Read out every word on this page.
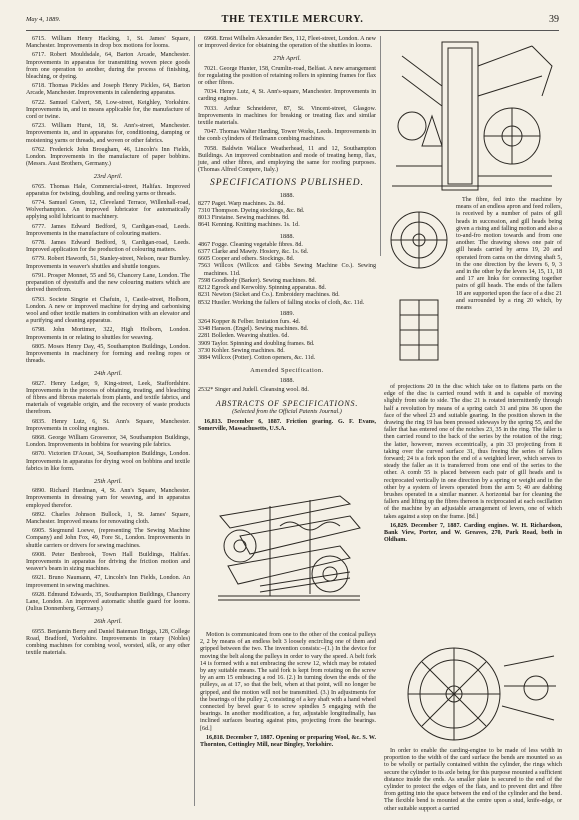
May 4, 1889.	THE TEXTILE MERCURY.	39

6715. William Henry Hacking, 1, St. James' Square, Manchester. Improvements in drop box motions for looms.

6717. Robert Mouldsdale, 64, Barton Arcade, Manchester. Improvements in apparatus for transmitting woven piece goods from one operation to another, during the process of finishing, bleaching, or dyeing.

6718. Thomas Pickles and Joseph Henry Pickles, 64, Barton Arcade, Manchester. Improvements in calendering apparatus.

6722. Samuel Calvert, 58, Low-street, Keighley, Yorkshire. Improvements in, and in means applicable for, the manufacture of cord or twine.

6723. William Hurst, 18, St. Ann's-street, Manchester. Improvements in, and in apparatus for, conditioning, damping or moistening yarns or threads, and woven or other fabrics.

6762. Frederick John Brougham, 46, Lincoln's Inn Fields, London. Improvements in the manufacture of paper bobbins. (Messrs. Aust Brothers, Germany.)

23rd April.

6765. Thomas Hale, Commercial-street, Halifax. Improved apparatus for twisting, doubling, and reeling yarns or threads.

6774. Samuel Green, 12, Cleveland Terrace, Willenhall-road, Wolverhampton. An improved lubricator for automatically applying solid lubricant to machinery.

6777. James Edward Bedford, 9, Cardigan-road, Leeds. Improvements in the manufacture of colouring matters.

6778. James Edward Bedford, 9, Cardigan-road, Leeds. Improved application for the production of colouring matters.

6779. Robert Haworth, 51, Stanley-street, Nelson, near Burnley. Improvements in weaver's shuttles and shuttle tongues.

6791. Prosper Monnet, 55 and 56, Chancery Lane, London. The preparation of dyestuffs and the new colouring matters which are derived therefrom.

6793. Societe Singrie et Chafuin, 1, Castle-street, Holborn, London. A new or improved machine for drying and carbonising wool and other textile matters in combination with an elevator and a purifying and cleaning apparatus.

6798. John Mortimer, 322, High Holborn, London. Improvements in or relating to shuttles for weaving.

6805. Moses Henry Day, 45, Southampton Buildings, London. Improvements in machinery for forming and reeling ropes or threads.

24th April.

6827. Henry Ledger, 9, King-street, Leek, Staffordshire. Improvements in the process of obtaining, treating, and bleaching of fibres and fibrous materials from plants, and textile fabrics, and materials of vegetable origin, and the recovery of waste products therefrom.

6835. Henry Lutz, 6, St. Ann's Square, Manchester. Improvements in cooling engines.

6868. George William Grosvenor, 34, Southampton Buildings, London. Improvements in bobbins for weaving pile fabrics.

6870. Victorien D'Aoust, 34, Southampton Buildings, London. Improvements in apparatus for drying wool on bobbins and textile fabrics in like form.

25th April.

6890. Richard Hardman, 4, St. Ann's Square, Manchester. Improvements in dressing yarn for weaving, and in apparatus employed therefor.

6892. Charles Johnson Bullock, 1, St. James' Square, Manchester. Improved means for renovating cloth.

6905. Siegmund Loewe, (representing The Sewing Machine Company) and John Fox, 49, Fore St., London. Improvements in shuttle carriers or drivers for sewing machines.

6908. Peter Benbrook, Town Hall Buildings, Halifax. Improvements in apparatus for driving the friction motion and weaver's beam in sizing machines.

6921. Bruno Naumann, 47, Lincoln's Inn Fields, London. An improvement in sewing machines.

6928. Edmund Edwards, 35, Southampton Buildings, Chancery Lane, London. An improved automatic shuttle guard for looms. (Julius Donnenberg, Germany.)

26th April.

6955. Benjamin Berry and Daniel Bateman Briggs, 128, College Road, Bradford, Yorkshire. Improvements in rotary (Nobles) combing machines for combing wool, worsted, silk, or any other textile materials.

6968. Ernst Wilhelm Alexander Bex, 112, Fleet-street, London. A new or improved device for obtaining the operation of the shuttles in looms.

27th April.

7021. George Hunter, 158, Crumlin-road, Belfast. A new arrangement for regulating the position of retaining rollers in spinning frames for flax or other fibres.

7034. Henry Lutz, 4, St. Ann's-square, Manchester. Improvements in carding engines.

7033. Arthur Schneiderer, 87, St. Vincent-street, Glasgow. Improvements in machines for breaking or treating flax and similar textile materials.

7047. Thomas Walter Harding, Tower Works, Leeds. Improvements in the comb cylinders of Heilmann combing machines.

7058. Baldwin Wallace Weatherhead, 11 and 12, Southampton Buildings. An improved combination and mode of treating hemp, flax, jute, and other fibres, and employing the same for roofing purposes. (Thomas Alfred Compere, Italy.)

SPECIFICATIONS PUBLISHED.
1888.

8277 Paget. Warp machines. 2s. 8d.

7310 Thompson. Dyeing stockings, &c. 8d.

8013 Firstaine. Sewing machines. 8d.

8641 Kenning. Knitting machines. 1s. 1d.

1888.

4867 Fogge. Cleaning vegetable fibres. 8d.

6377 Clarke and Mawty. Hosiery, &c. 1s. 6d.

6605 Cooper and others. Stockings. 8d.

7563 Willcox (Willcox and Gibbs Sewing Machine Co.). Sewing machines. 11d.

7598 Goodbody (Barker). Sewing machines. 8d.

8212 Egrock and Kerwoltiy. Spinning apparatus. 8d.

8231 Newton (Sicket and Co.). Embroidery machines. 8d.

8532 Hustler. Working the fallers of falling stocks of cloth, &c. 11d.

1889.

3264 Kopper & Felber. Imitation furs. 4d.

3348 Hanson. (Engel). Sewing machines. 8d.

2281 Bolleden. Weaving shuttles. 6d.

3909 Taylor. Spinning and doubling frames. 8d.

3730 Kohler. Sewing machines. 8d.

3884 Willcox (Potter). Cotton openers, &c. 11d.

Amended Specification.
1888.

2532* Singer and Judell. Cleansing wool. 8d.

ABSTRACTS OF SPECIFICATIONS.
(Selected from the Official Patents Journal.)

16,813. December 6, 1887. Friction gearing. G. F. Evans, Somerville, Massachusetts, U.S.A.

Motion is communicated from one to the other of the conical pulleys 2, 2 by means of an endless belt 3 loosely encircling one of them and gripped between the two. The invention consists:--(1.) In the device for moving the belt along the pulleys in order to vary the speed. A belt fork 14 is formed with a nut embracing the screw 12, which may be rotated by any suitable means. The said fork is kept from rotating on the screw by an arm 15 embracing a rod 16. (2.) In turning down the ends of the pulleys, as at 17, so that the belt, when at that point, will no longer be gripped, and the motion will not be transmitted. (3.) In adjustments for the bearings of the pulley 2, consisting of a key shaft with a hand wheel connected by bevel gear 6 to screw spindles 5 engaging with the bearings. In another modification, a fur, adjustable longitudinally, has inclined surfaces bearing against pins, projecting from the bearings. [6d.]

16,818. December 7, 1887. Opening or preparing Wool, &c. S. W. Thornton, Cottingley Mill, near Bingley, Yorkshire.

The fibre, fed into the machine by means of an endless apron and feed rollers, is received by a number of pairs of gill heads in succession, and gill heads being given a rising and falling motion and also a to-and-fro motion towards and from one another. The drawing shows one pair of gill heads carried by arms 19, 20 and operated from cams on the driving shaft 5, in the one direction by the levers 6, 9, 3 and in the other by the levers 14, 15, 11, 18 and 17 are links for connecting together pairs of gill heads. The ends of the fallers 18 are supported upon the face of a disc 21 and surrounded by a ring 20 which, by means

of projections 20 in the disc which take on to flattens parts on the edge of the disc is carried round with it and is capable of moving slightly from side to side. The disc 21 is rotated intermittently through half a revolution by means of a spring catch 31 and pins 36 upon the face of the wheel 23 and suitable gearing. In the position shown in the drawing the ring 19 has been pressed sideways by the spring 55, and the faller that has entered one of the notches 23, 35 in the ring. The faller is then carried round to the back of the series by the rotation of the ring; the latter, however, moves eccentrically, a pin 33 projecting from it taking over the curved surface 31, thus freeing the series of fallers forward; 24 is a fork upon the end of a weighted lever, which serves to steady the faller as it is transferred from one end of the series to the other. A comb 55 is placed between each pair of gill heads and is reciprocated vertically in one direction by a spring or weight and in the other by a system of levers operated from the arm 5; 40 are dabbing brushes operated in a similar manner. A horizontal bar for cleaning the fallers and lifting up the fibres thereon is reciprocated at each oscillation of the machine by an adjustable arrangement of levers, one of which takes against a stop on the frame. [8d.]

16,829. December 7, 1887. Carding engines. W. H. Richardson, Bank View, Porter, and W. Greaves, 270, Park Road, both in Oldham.

In order to enable the carding-engine to be made of less width in proportion to the width of the card surface the bends are mounted so as to be wholly or partially contained within the cylinder, the rings which secure the cylinder to its axle being for this purpose mounted a sufficient distance inside the ends. As smaller plate is secured to the end of the cylinder to protect the edges of the flats, and to prevent dirt and fibre from getting into the space between the end of the cylinder and the bend. The flexible bend is mounted at the centre upon a stud, knife-edge, or other suitable support a carried
